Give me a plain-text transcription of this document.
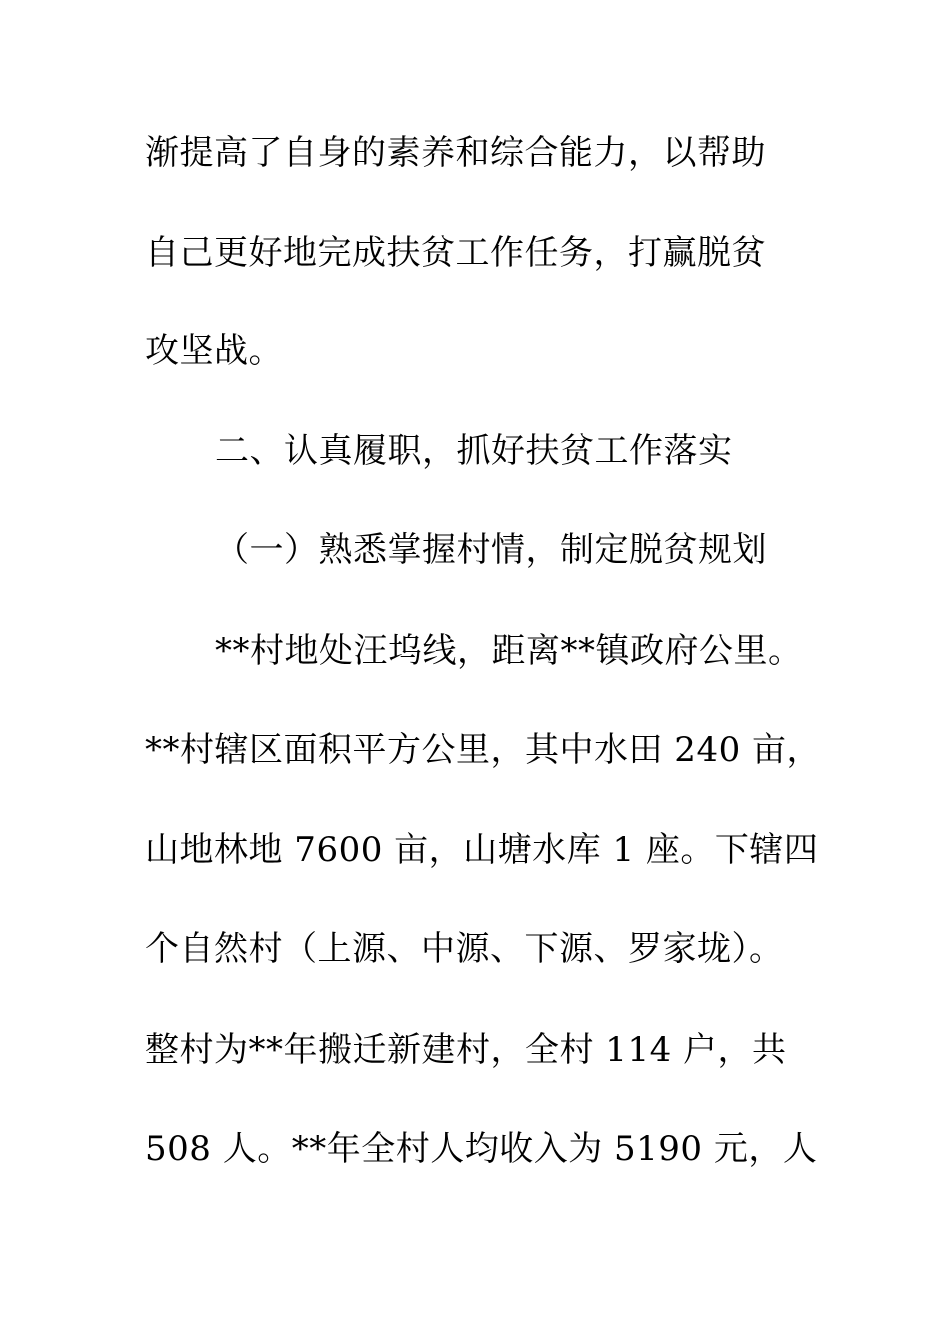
渐提高了自身的素养和综合能力，以帮助
自己更好地完成扶贫工作任务，打赢脱贫
攻坚战。
二、认真履职，抓好扶贫工作落实
（一）熟悉掌握村情，制定脱贫规划
**村地处汪坞线，距离**镇政府公里。
**村辖区面积平方公里，其中水田 240 亩，
山地林地 7600 亩，山塘水库 1 座。下辖四
个自然村（上源、中源、下源、罗家垅）。
整村为**年搬迁新建村，全村 114 户，共
508 人。**年全村人均收入为 5190 元，人
